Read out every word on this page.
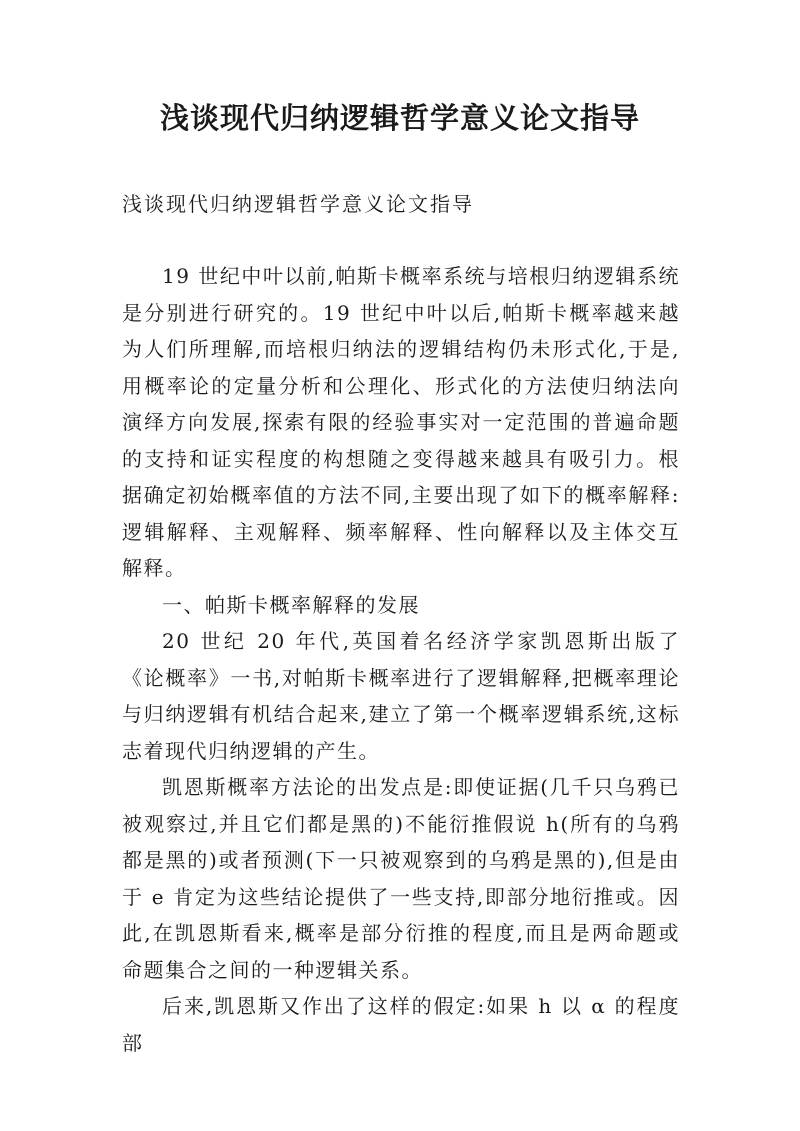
浅谈现代归纳逻辑哲学意义论文指导

浅谈现代归纳逻辑哲学意义论文指导

19 世纪中叶以前,帕斯卡概率系统与培根归纳逻辑系统是分别进行研究的。19 世纪中叶以后,帕斯卡概率越来越为人们所理解,而培根归纳法的逻辑结构仍未形式化,于是,用概率论的定量分析和公理化、形式化的方法使归纳法向演绎方向发展,探索有限的经验事实对一定范围的普遍命题的支持和证实程度的构想随之变得越来越具有吸引力。根据确定初始概率值的方法不同,主要出现了如下的概率解释:逻辑解释、主观解释、频率解释、性向解释以及主体交互解释。

一、帕斯卡概率解释的发展

20 世纪 20 年代,英国着名经济学家凯恩斯出版了《论概率》一书,对帕斯卡概率进行了逻辑解释,把概率理论与归纳逻辑有机结合起来,建立了第一个概率逻辑系统,这标志着现代归纳逻辑的产生。

凯恩斯概率方法论的出发点是:即使证据(几千只乌鸦已被观察过,并且它们都是黑的)不能衍推假说 h(所有的乌鸦都是黑的)或者预测(下一只被观察到的乌鸦是黑的),但是由于 e 肯定为这些结论提供了一些支持,即部分地衍推或。因此,在凯恩斯看来,概率是部分衍推的程度,而且是两命题或命题集合之间的一种逻辑关系。

后来,凯恩斯又作出了这样的假定:如果 h 以 α 的程度部
